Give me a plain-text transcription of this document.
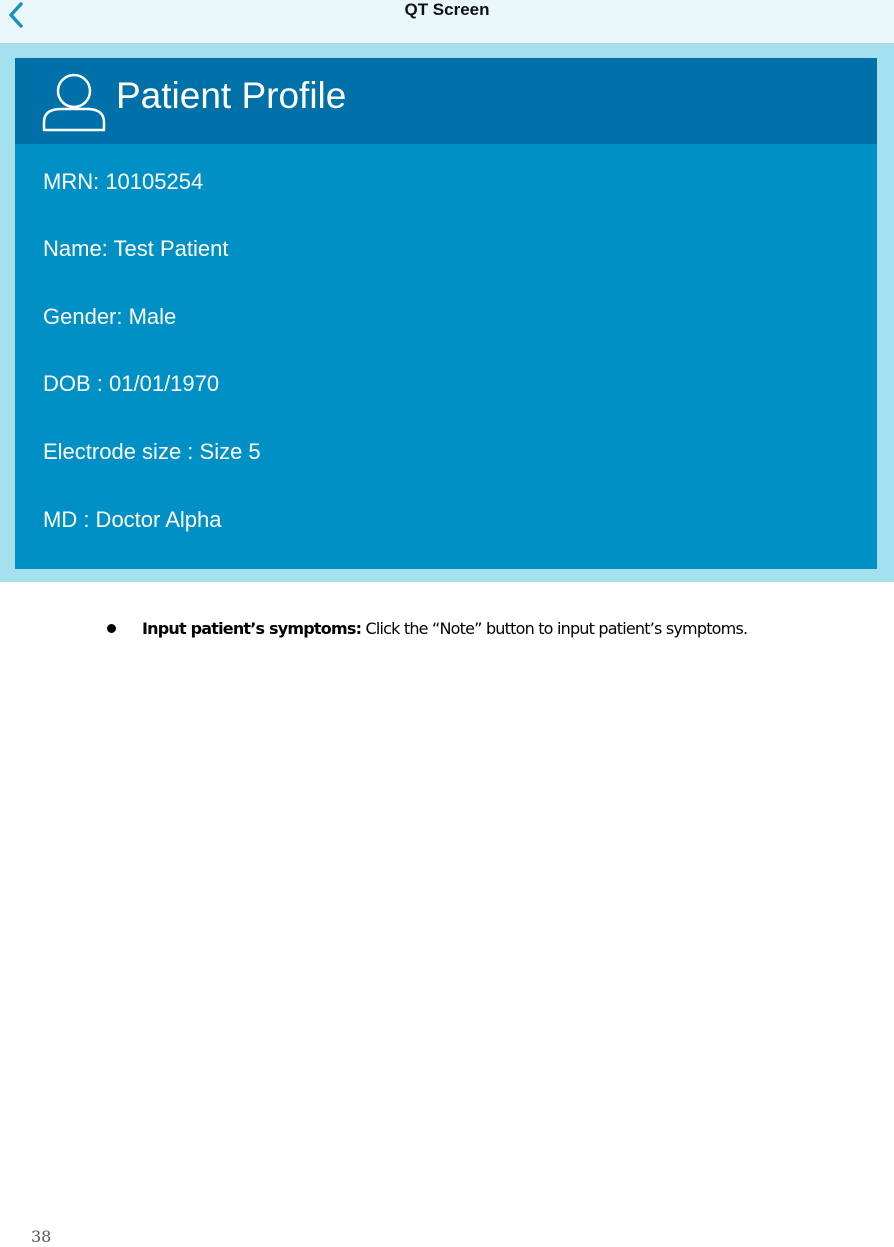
QT Screen
Patient Profile
MRN: 10105254
Name: Test Patient
Gender: Male
DOB : 01/01/1970
Electrode size : Size 5
MD : Doctor Alpha
Input patient’s symptoms: Click the “Note” button to input patient’s symptoms.
38
